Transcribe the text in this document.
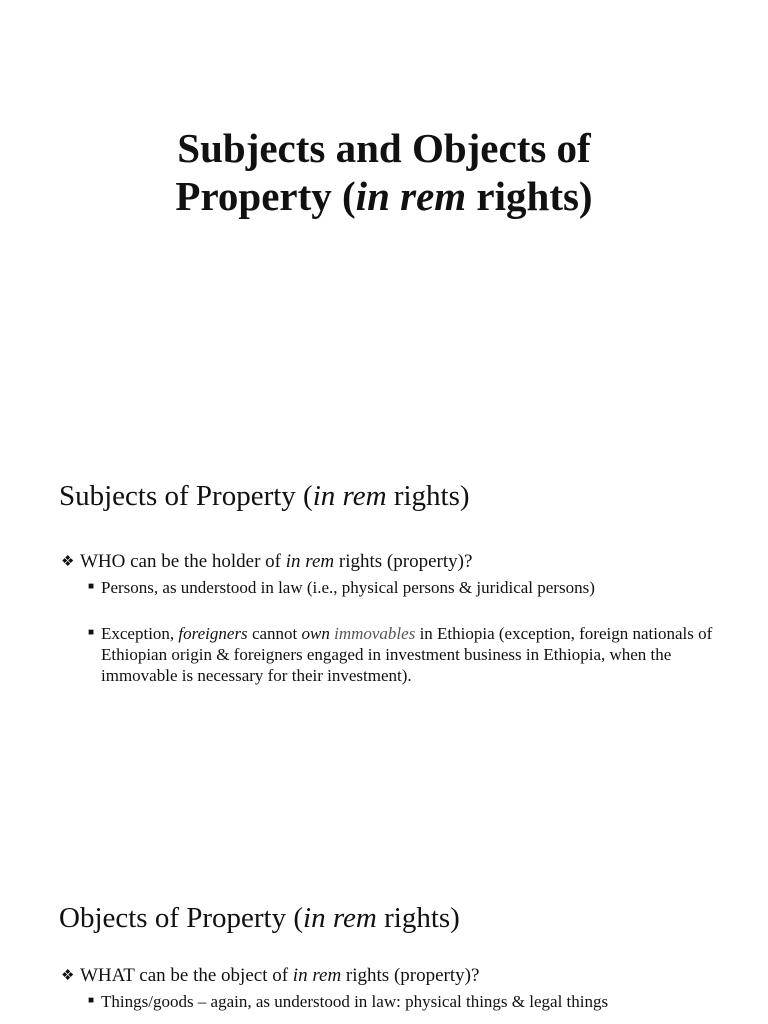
Subjects and Objects of
Property (in rem rights)
Subjects of Property (in rem rights)
❖ WHO can be the holder of in rem rights (property)?
■ Persons, as understood in law (i.e., physical persons & juridical persons)
■ Exception, foreigners cannot own immovables in Ethiopia (exception, foreign nationals of Ethiopian origin & foreigners engaged in investment business in Ethiopia, when the immovable is necessary for their investment).
Objects of Property (in rem rights)
❖ WHAT can be the object of in rem rights (property)?
■ Things/goods – again, as understood in law: physical things & legal things
